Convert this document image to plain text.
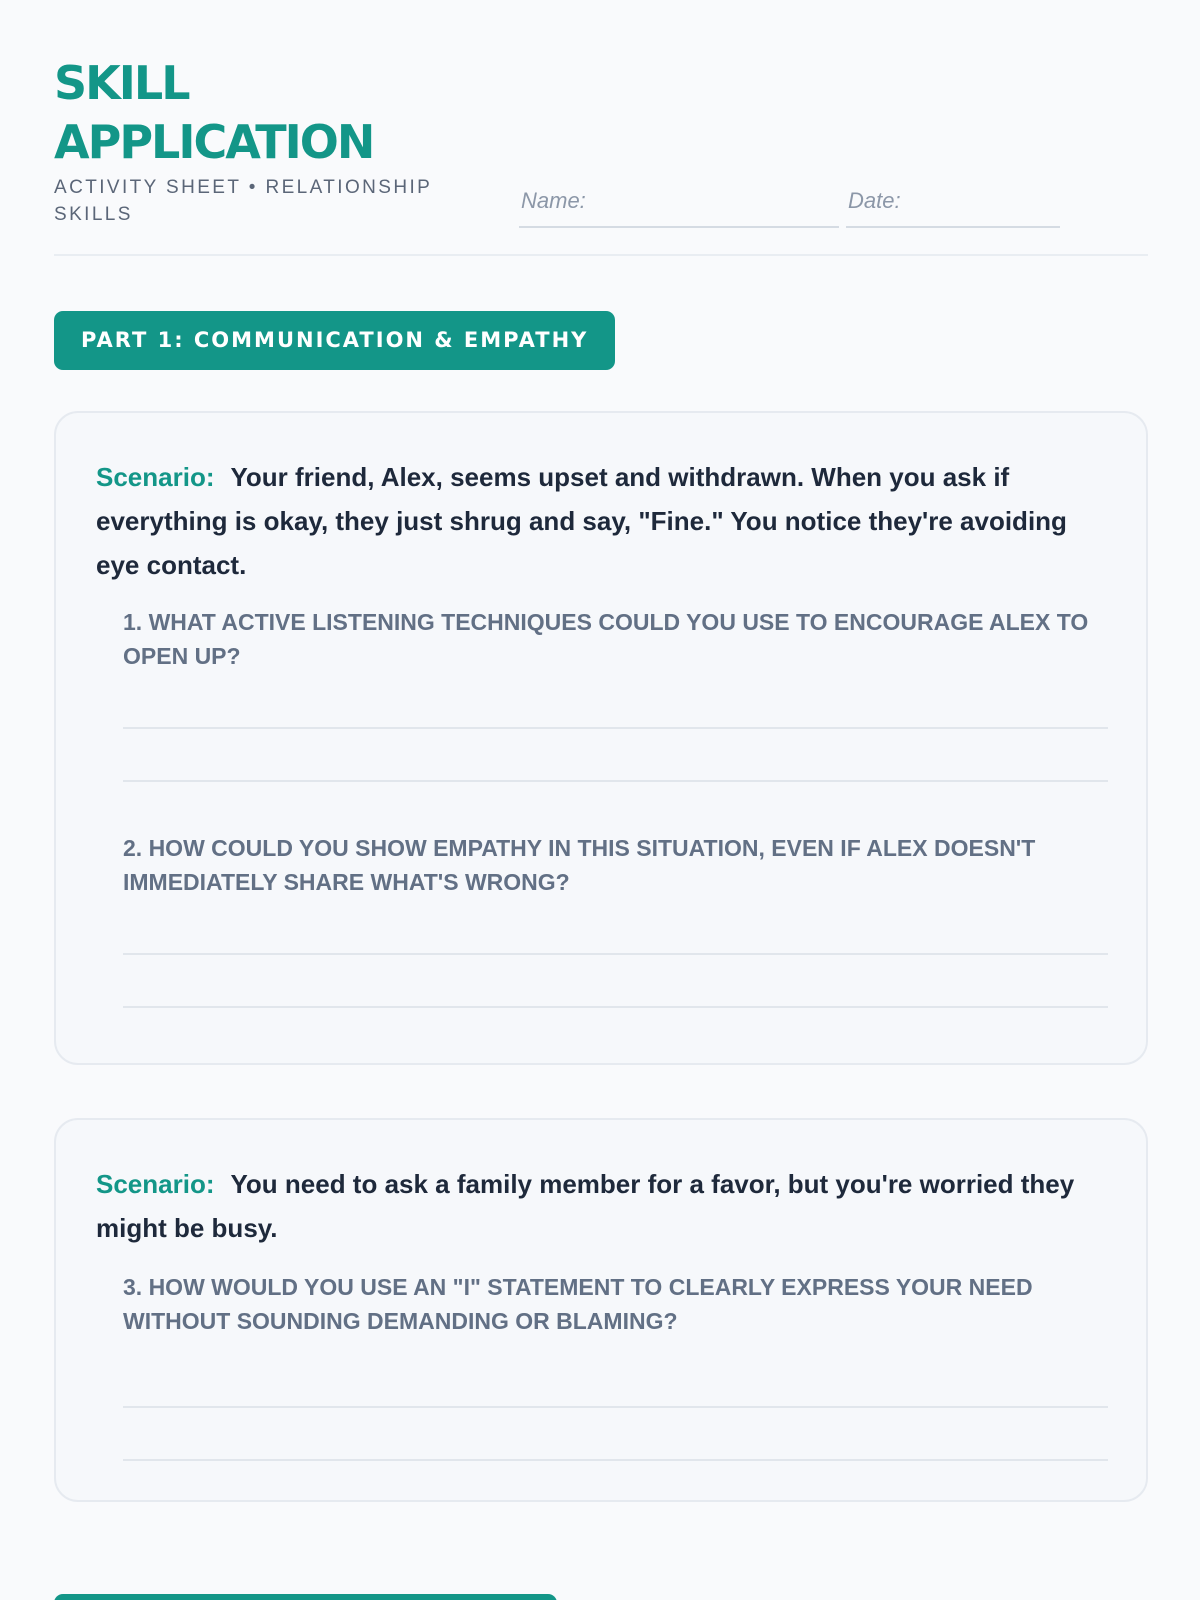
SKILL
APPLICATION
ACTIVITY SHEET • RELATIONSHIP SKILLS
Name:	Date:
PART 1: COMMUNICATION & EMPATHY
Scenario: Your friend, Alex, seems upset and withdrawn. When you ask if everything is okay, they just shrug and say, "Fine." You notice they're avoiding eye contact.
1. WHAT ACTIVE LISTENING TECHNIQUES COULD YOU USE TO ENCOURAGE ALEX TO OPEN UP?
2. HOW COULD YOU SHOW EMPATHY IN THIS SITUATION, EVEN IF ALEX DOESN'T IMMEDIATELY SHARE WHAT'S WRONG?
Scenario: You need to ask a family member for a favor, but you're worried they might be busy.
3. HOW WOULD YOU USE AN "I" STATEMENT TO CLEARLY EXPRESS YOUR NEED WITHOUT SOUNDING DEMANDING OR BLAMING?
